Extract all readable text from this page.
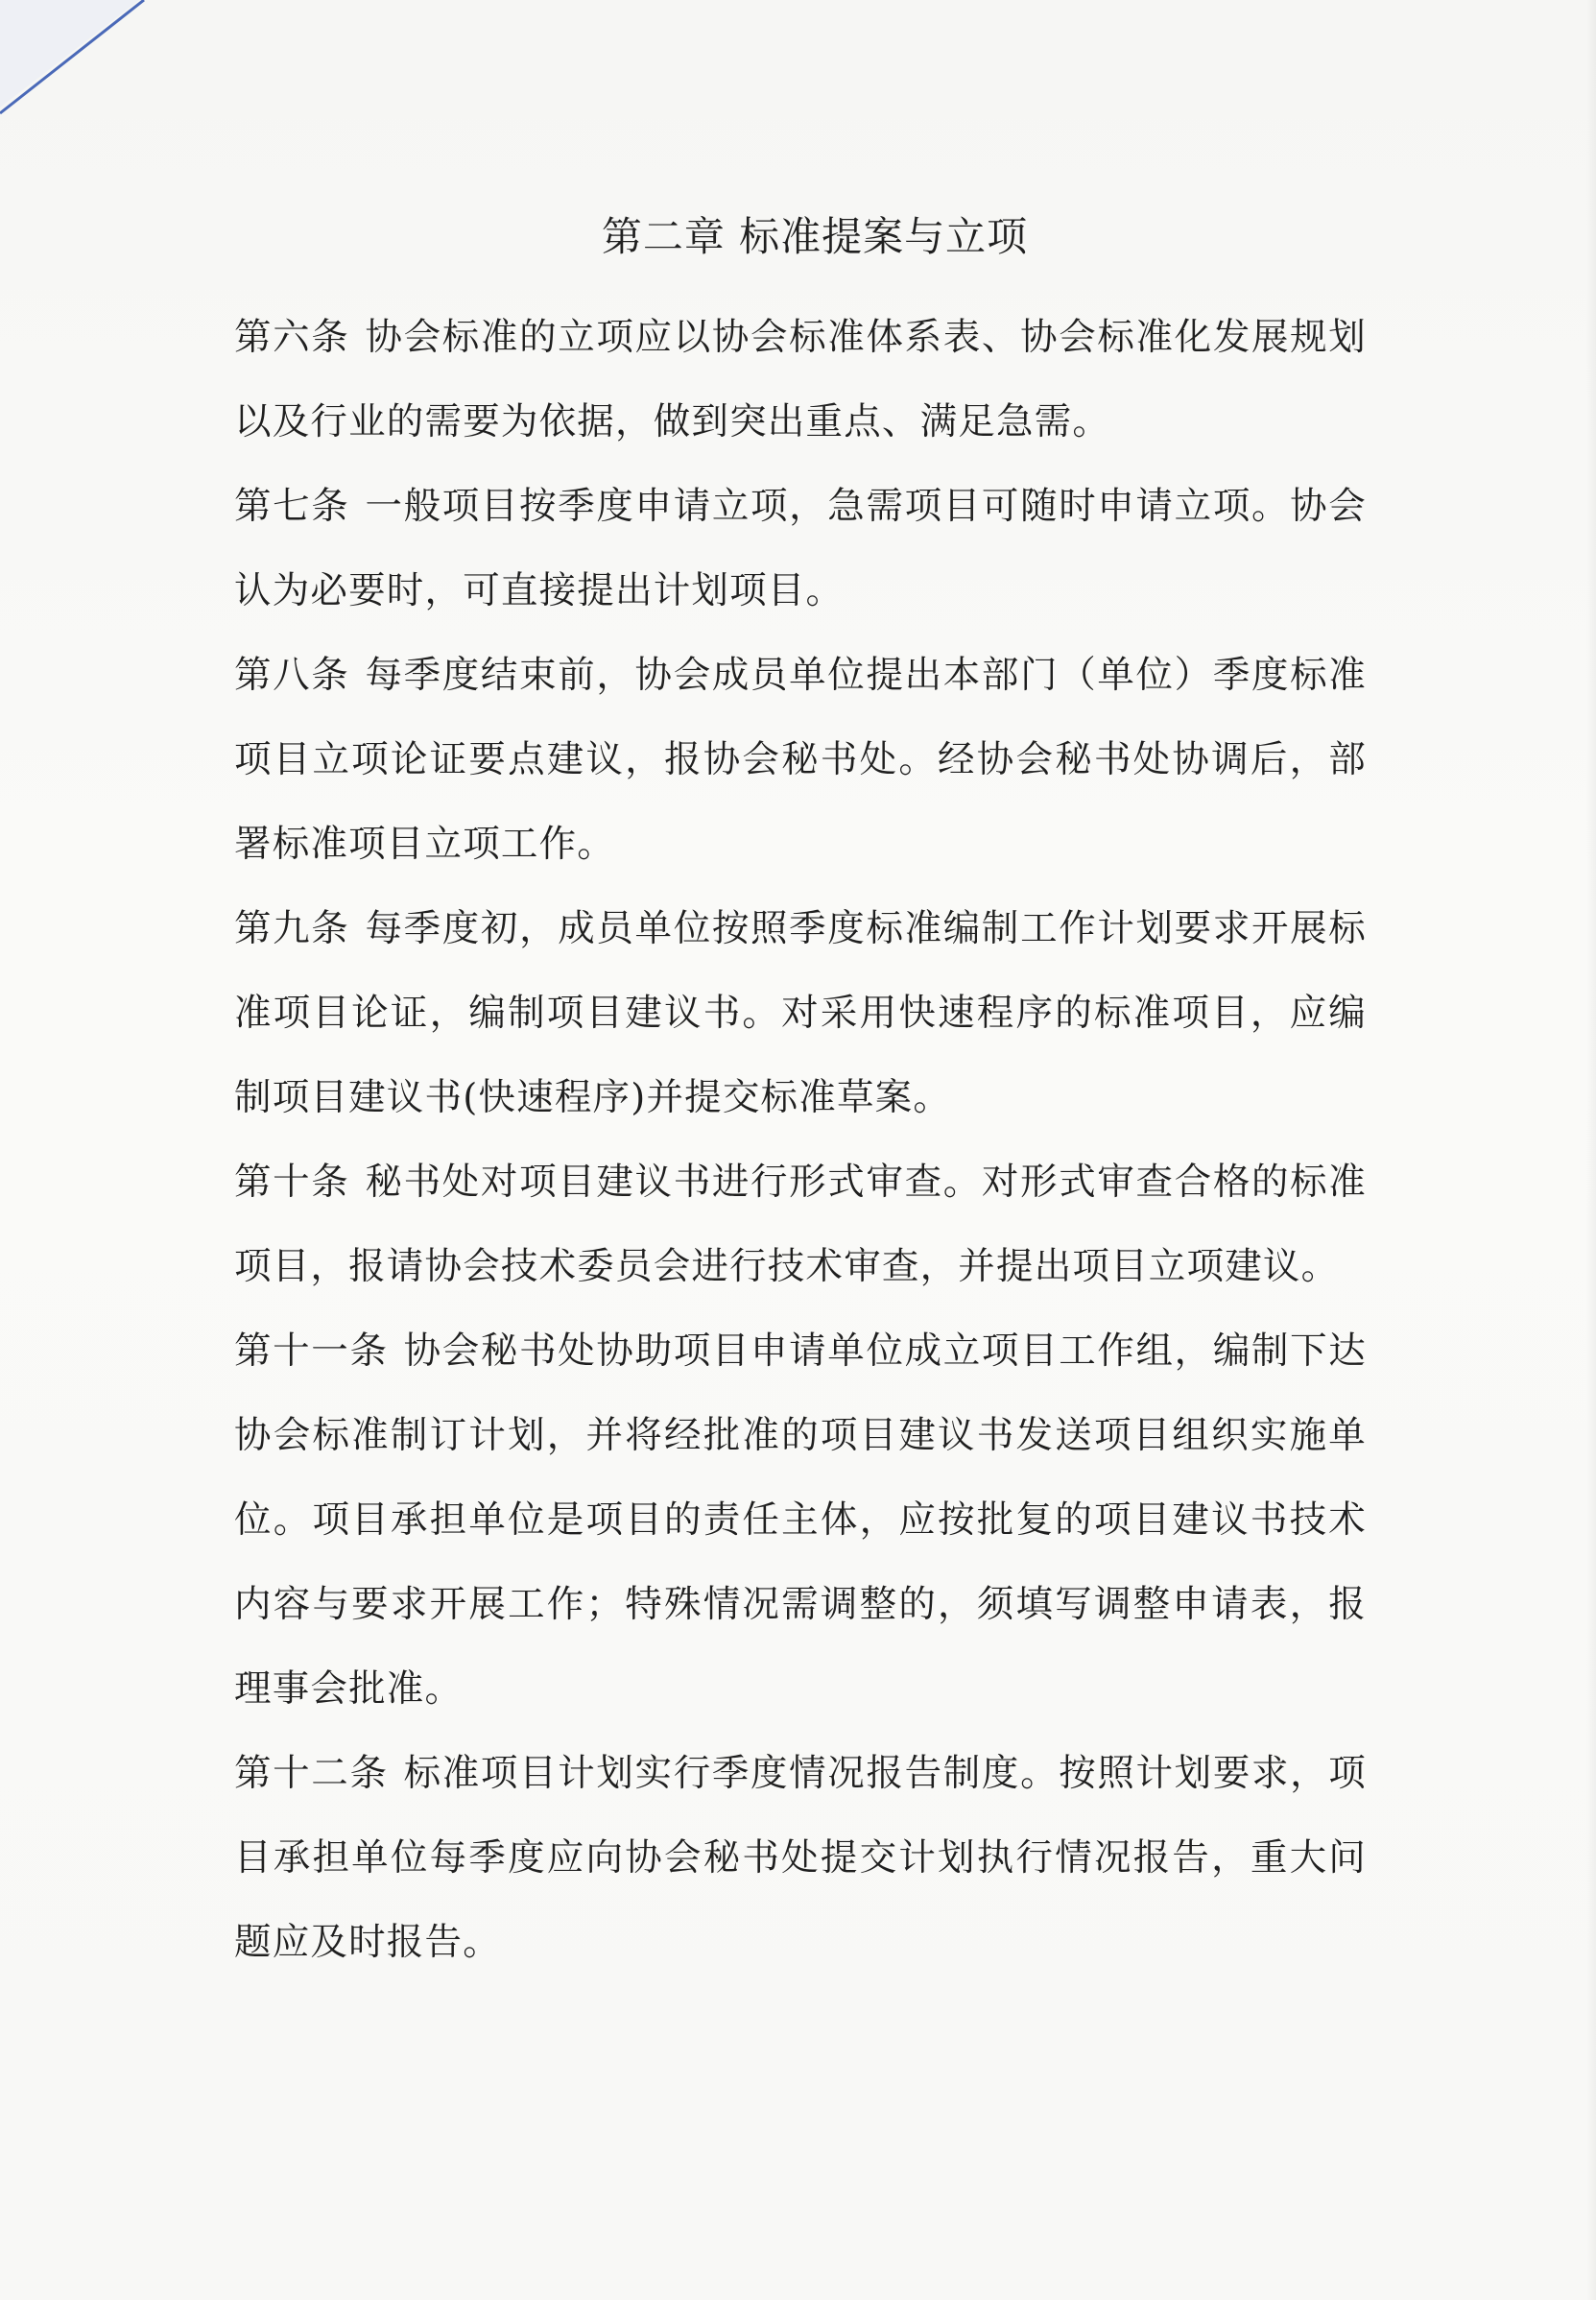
第二章 标准提案与立项

第六条 协会标准的立项应以协会标准体系表、协会标准化发展规划以及行业的需要为依据，做到突出重点、满足急需。

第七条 一般项目按季度申请立项，急需项目可随时申请立项。协会认为必要时，可直接提出计划项目。

第八条 每季度结束前，协会成员单位提出本部门（单位）季度标准项目立项论证要点建议，报协会秘书处。经协会秘书处协调后，部署标准项目立项工作。

第九条 每季度初，成员单位按照季度标准编制工作计划要求开展标准项目论证，编制项目建议书。对采用快速程序的标准项目，应编制项目建议书(快速程序)并提交标准草案。

第十条 秘书处对项目建议书进行形式审查。对形式审查合格的标准项目，报请协会技术委员会进行技术审查，并提出项目立项建议。

第十一条 协会秘书处协助项目申请单位成立项目工作组，编制下达协会标准制订计划，并将经批准的项目建议书发送项目组织实施单位。项目承担单位是项目的责任主体，应按批复的项目建议书技术内容与要求开展工作；特殊情况需调整的，须填写调整申请表，报理事会批准。

第十二条 标准项目计划实行季度情况报告制度。按照计划要求，项目承担单位每季度应向协会秘书处提交计划执行情况报告，重大问题应及时报告。
